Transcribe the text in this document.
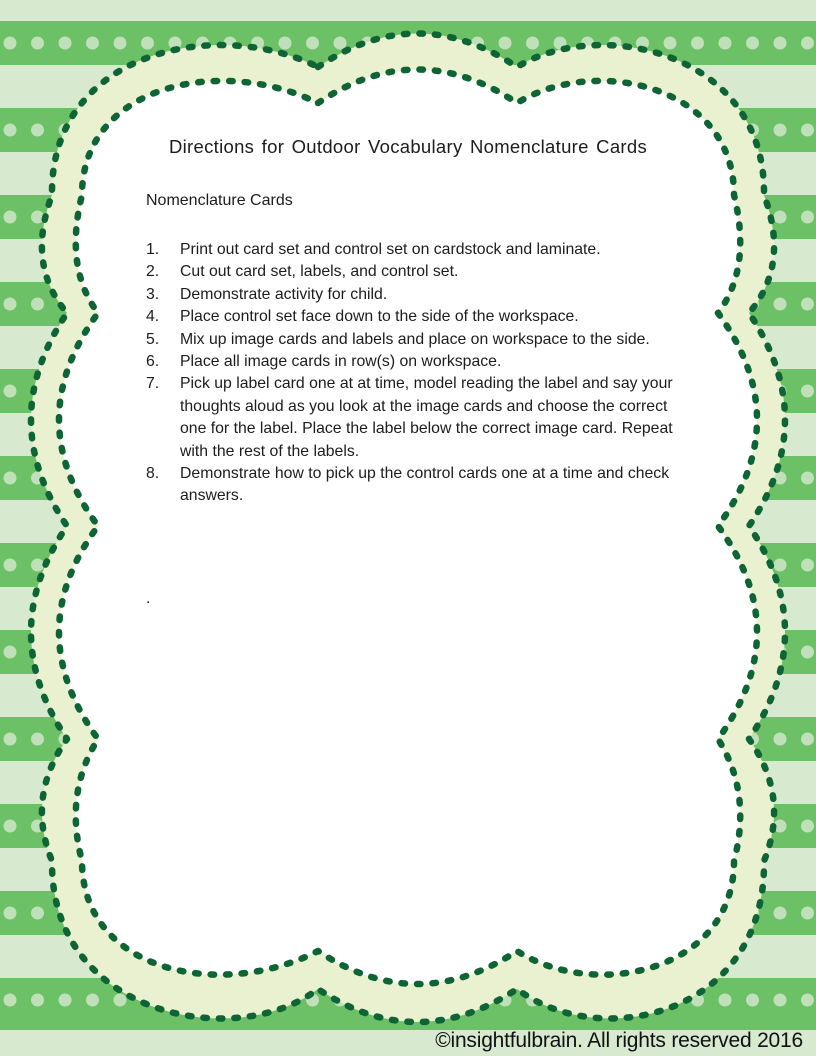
Directions for Outdoor Vocabulary Nomenclature Cards

Nomenclature Cards

1.	Print out card set and control set on cardstock and laminate.
2.	Cut out card set, labels, and control set.
3.	Demonstrate activity for child.
4.	Place control set face down to the side of the workspace.
5.	Mix up image cards and labels and place on workspace to the side.
6.	Place all image cards in row(s) on workspace.
7.	Pick up label card one at at time, model reading the label and say your thoughts aloud as you look at the image cards and choose the correct one for the label. Place the label below the correct image card. Repeat with the rest of the labels.
8.	Demonstrate how to pick up the control cards one at a time and check answers.

.

©insightfulbrain. All rights reserved 2016
